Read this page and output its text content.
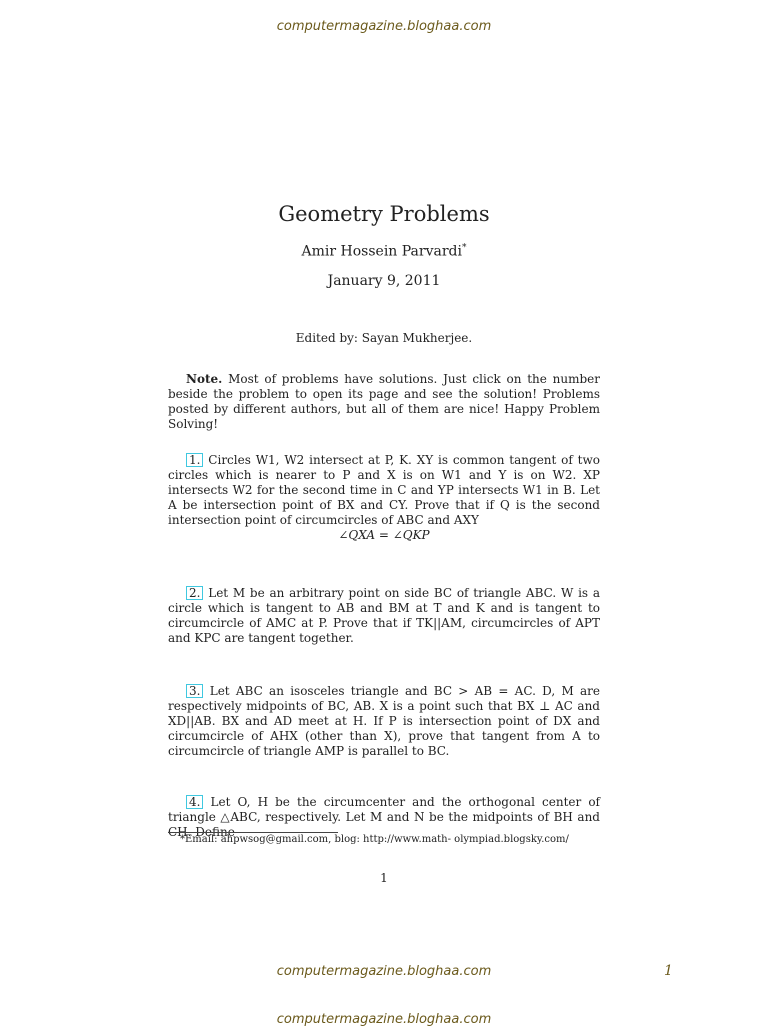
computermagazine.bloghaa.com
Geometry Problems
Amir Hossein Parvardi*
January 9, 2011
Edited by: Sayan Mukherjee.
Note. Most of problems have solutions. Just click on the number beside the problem to open its page and see the solution! Problems posted by different authors, but all of them are nice! Happy Problem Solving!
1. Circles W1, W2 intersect at P, K. XY is common tangent of two circles which is nearer to P and X is on W1 and Y is on W2. XP intersects W2 for the second time in C and YP intersects W1 in B. Let A be intersection point of BX and CY. Prove that if Q is the second intersection point of circumcircles of ABC and AXY
∠QXA = ∠QKP
2. Let M be an arbitrary point on side BC of triangle ABC. W is a circle which is tangent to AB and BM at T and K and is tangent to circumcircle of AMC at P. Prove that if TK||AM, circumcircles of APT and KPC are tangent together.
3. Let ABC an isosceles triangle and BC > AB = AC. D, M are respectively midpoints of BC, AB. X is a point such that BX ⊥ AC and XD||AB. BX and AD meet at H. If P is intersection point of DX and circumcircle of AHX (other than X), prove that tangent from A to circumcircle of triangle AMP is parallel to BC.
4. Let O, H be the circumcenter and the orthogonal center of triangle △ABC, respectively. Let M and N be the midpoints of BH and CH. Define
*Email: ahpwsog@gmail.com, blog: http://www.math- olympiad.blogsky.com/
1
computermagazine.bloghaa.com	1
computermagazine.bloghaa.com
